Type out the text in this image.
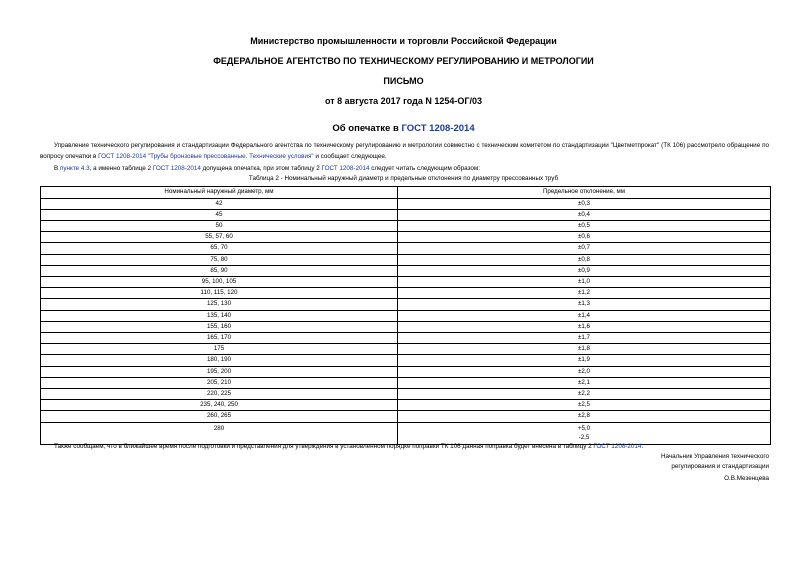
Министерство промышленности и торговли Российской Федерации
ФЕДЕРАЛЬНОЕ АГЕНТСТВО ПО ТЕХНИЧЕСКОМУ РЕГУЛИРОВАНИЮ И МЕТРОЛОГИИ
ПИСЬМО
от 8 августа 2017 года N 1254-ОГ/03
Об опечатке в ГОСТ 1208-2014
Управление технического регулирования и стандартизации Федерального агентства по техническому регулированию и метрологии совместно с техническим комитетом по стандартизации "Цветметпрокат" (ТК 106) рассмотрело обращение по вопросу опечатки в ГОСТ 1208-2014 "Трубы бронзовые прессованные. Технические условия" и сообщает следующее.
В пункте 4.3, а именно таблице 2 ГОСТ 1208-2014 допущена опечатка, при этом таблицу 2 ГОСТ 1208-2014 следует читать следующим образом:
Таблица 2 - Номинальный наружный диаметр и предельные отклонения по диаметру прессованных труб
Номинальный наружный диаметр, мм	Предельное отклонение, мм
42	±0,3
45	±0,4
50	±0,5
55, 57, 60	±0,6
65, 70	±0,7
75, 80	±0,8
85, 90	±0,9
95, 100, 105	±1,0
110, 115, 120	±1,2
125, 130	±1,3
135, 140	±1,4
155, 160	±1,6
165, 170	±1,7
175	±1,8
180, 190	±1,9
195, 200	±2,0
205, 210	±2,1
220, 225	±2,2
235, 240, 250	±2,5
260, 265	±2,8
280	+5,0
-2,5
Также сообщаем, что в ближайшее время после подготовки и представления для утверждения в установленном порядке поправки ТК 106 данная поправка будет внесена в таблицу 2 ГОСТ 1208-2014.
Начальник Управления технического
регулирования и стандартизации

О.В.Мезенцева
